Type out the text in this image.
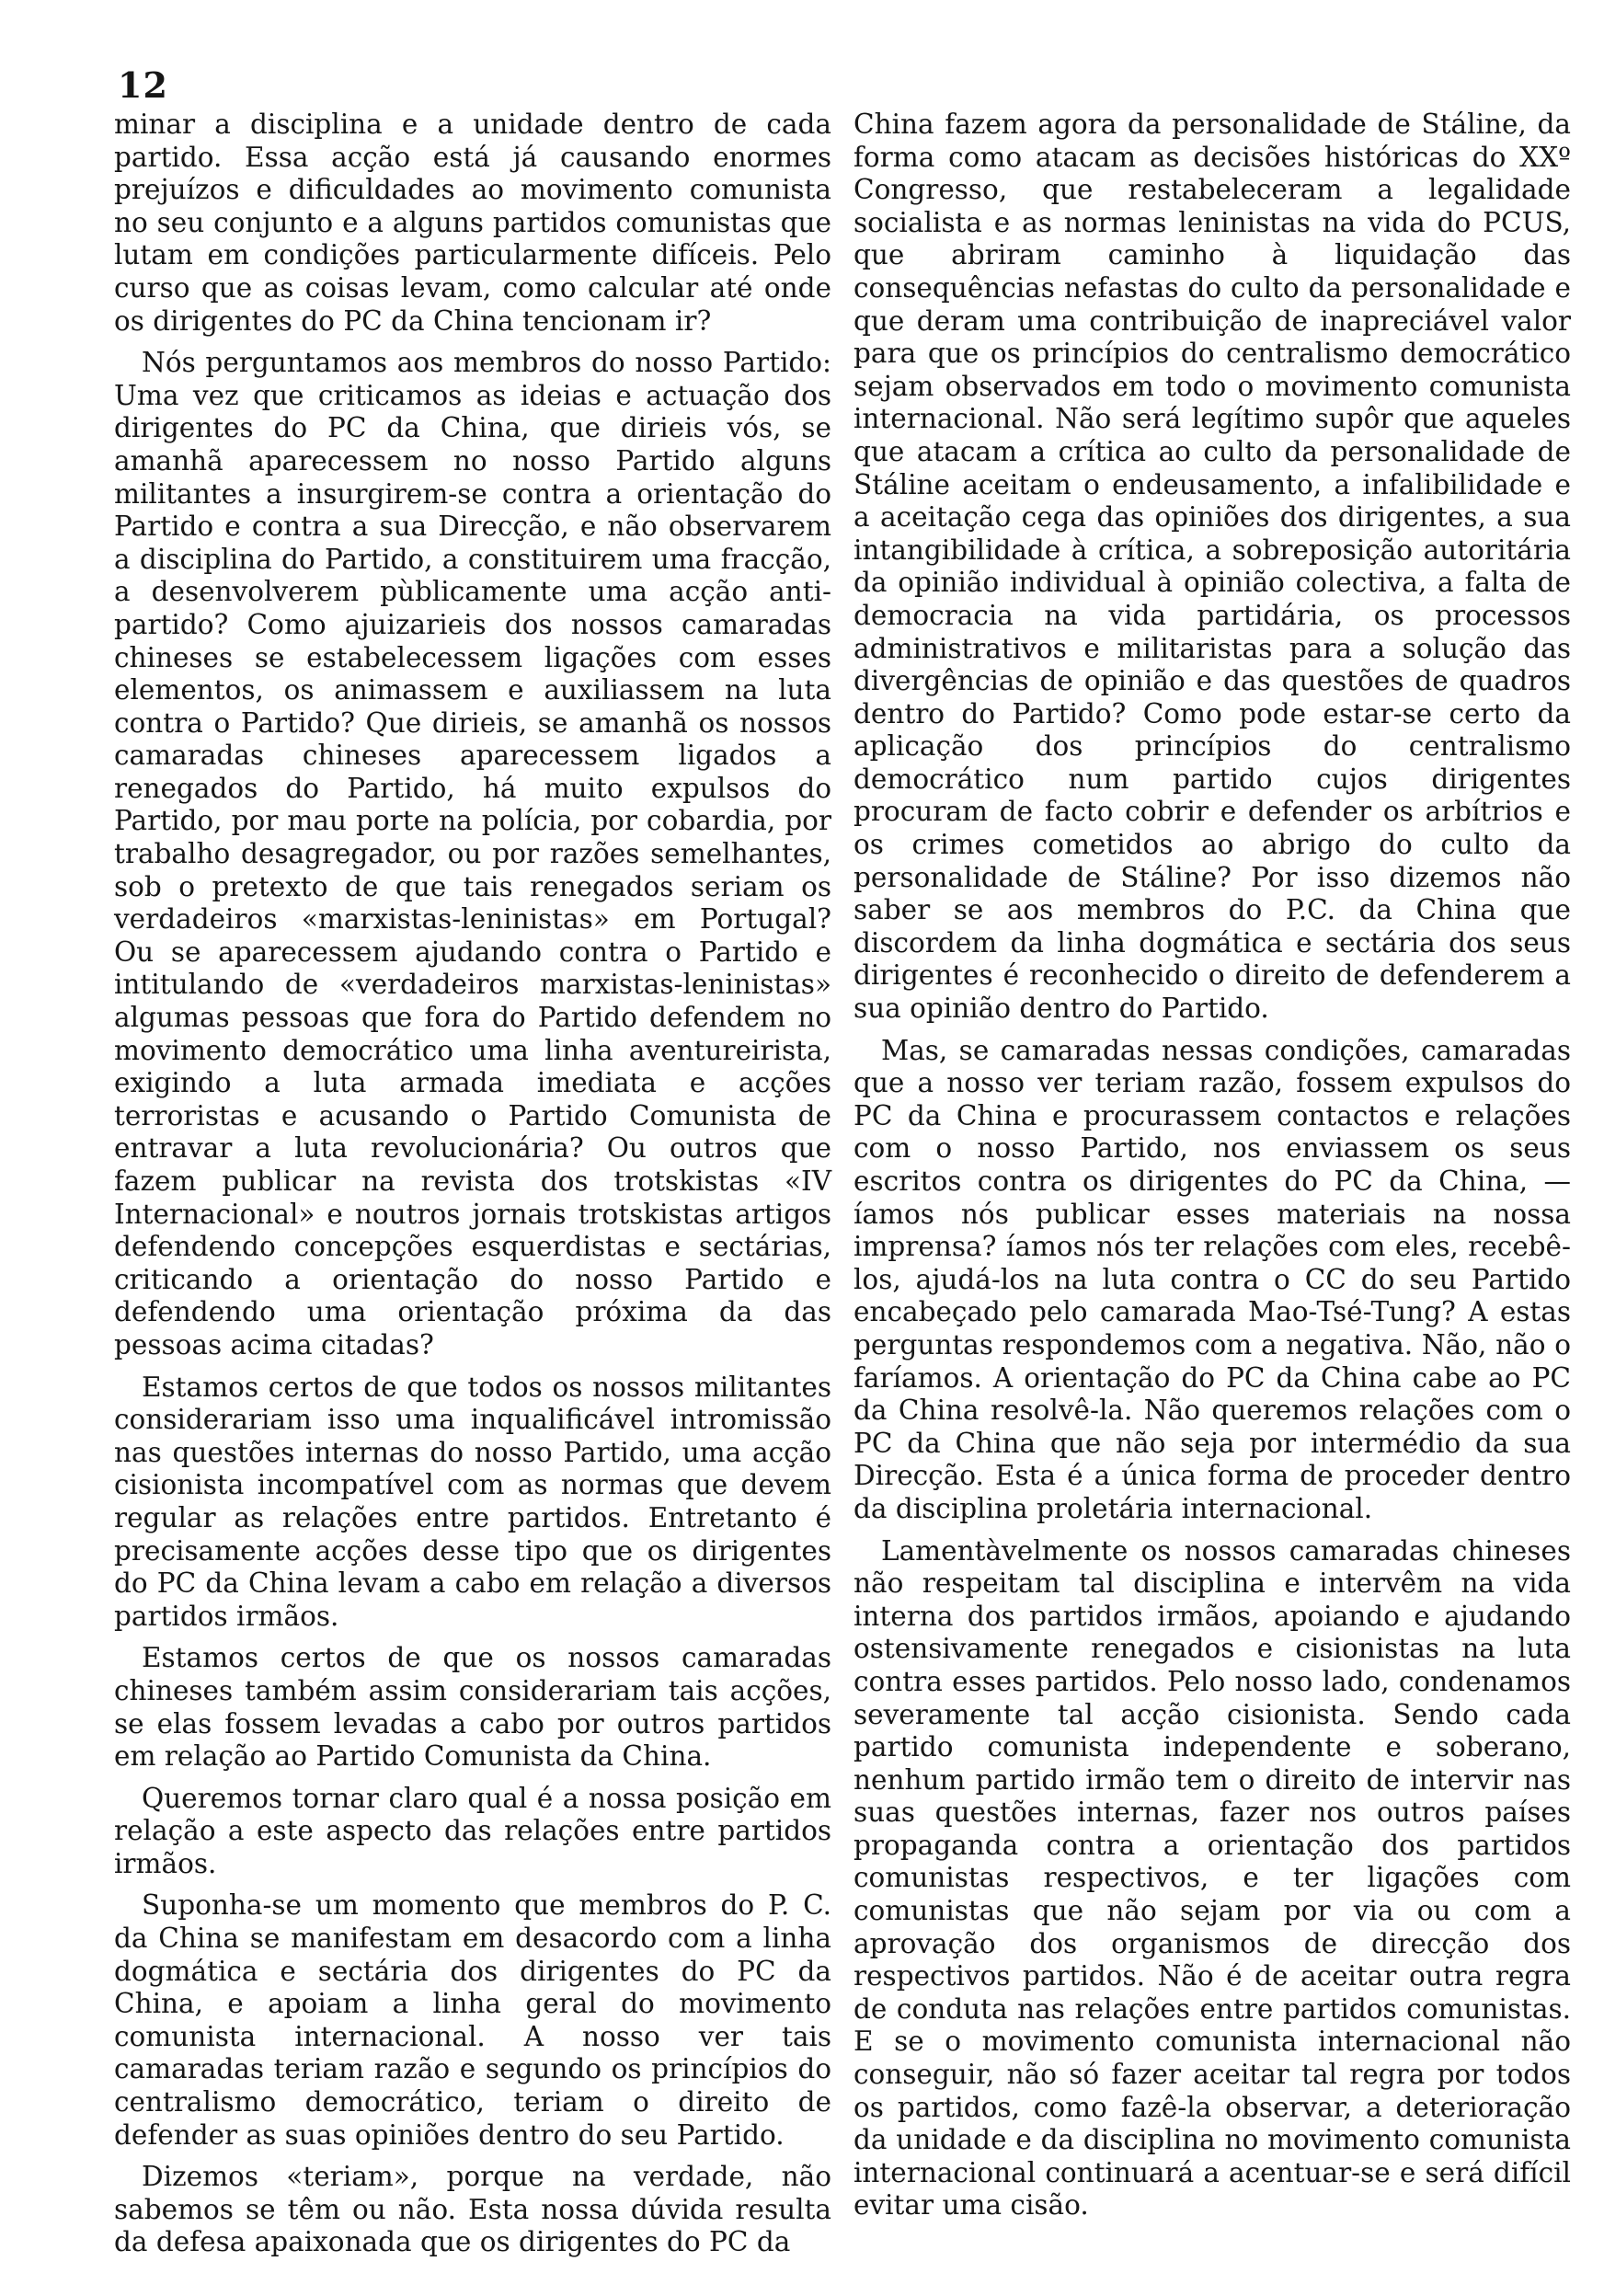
12

minar a disciplina e a unidade dentro de cada partido. Essa acção está já causando enormes prejuízos e dificuldades ao movimento comunista no seu conjunto e a alguns partidos comunistas que lutam em condições particularmente difíceis. Pelo curso que as coisas levam, como calcular até onde os dirigentes do PC da China tencionam ir?

Nós perguntamos aos membros do nosso Partido: Uma vez que criticamos as ideias e actuação dos dirigentes do PC da China, que dirieis vós, se amanhã aparecessem no nosso Partido alguns militantes a insurgirem-se contra a orientação do Partido e contra a sua Direcção, e não observarem a disciplina do Partido, a constituirem uma fracção, a desenvolverem pùblicamente uma acção anti-partido? Como ajuizarieis dos nossos camaradas chineses se estabelecessem ligações com esses elementos, os animassem e auxiliassem na luta contra o Partido? Que dirieis, se amanhã os nossos camaradas chineses aparecessem ligados a renegados do Partido, há muito expulsos do Partido, por mau porte na polícia, por cobardia, por trabalho desagregador, ou por razões semelhantes, sob o pretexto de que tais renegados seriam os verdadeiros «marxistas-leninistas» em Portugal? Ou se aparecessem ajudando contra o Partido e intitulando de «verdadeiros marxistas-leninistas» algumas pessoas que fora do Partido defendem no movimento democrático uma linha aventureirista, exigindo a luta armada imediata e acções terroristas e acusando o Partido Comunista de entravar a luta revolucionária? Ou outros que fazem publicar na revista dos trotskistas «IV Internacional» e noutros jornais trotskistas artigos defendendo concepções esquerdistas e sectárias, criticando a orientação do nosso Partido e defendendo uma orientação próxima da das pessoas acima citadas?

Estamos certos de que todos os nossos militantes considerariam isso uma inqualificável intromissão nas questões internas do nosso Partido, uma acção cisionista incompatível com as normas que devem regular as relações entre partidos. Entretanto é precisamente acções desse tipo que os dirigentes do PC da China levam a cabo em relação a diversos partidos irmãos.

Estamos certos de que os nossos camaradas chineses também assim considerariam tais acções, se elas fossem levadas a cabo por outros partidos em relação ao Partido Comunista da China.

Queremos tornar claro qual é a nossa posição em relação a este aspecto das relações entre partidos irmãos.

Suponha-se um momento que membros do P. C. da China se manifestam em desacordo com a linha dogmática e sectária dos dirigentes do PC da China, e apoiam a linha geral do movimento comunista internacional. A nosso ver tais camaradas teriam razão e segundo os princípios do centralismo democrático, teriam o direito de defender as suas opiniões dentro do seu Partido.

Dizemos «teriam», porque na verdade, não sabemos se têm ou não. Esta nossa dúvida resulta da defesa apaixonada que os dirigentes do PC da

China fazem agora da personalidade de Stáline, da forma como atacam as decisões históricas do XXº Congresso, que restabeleceram a legalidade socialista e as normas leninistas na vida do PCUS, que abriram caminho à liquidação das consequências nefastas do culto da personalidade e que deram uma contribuição de inapreciável valor para que os princípios do centralismo democrático sejam observados em todo o movimento comunista internacional. Não será legítimo supôr que aqueles que atacam a crítica ao culto da personalidade de Stáline aceitam o endeusamento, a infalibilidade e a aceitação cega das opiniões dos dirigentes, a sua intangibilidade à crítica, a sobreposição autoritária da opinião individual à opinião colectiva, a falta de democracia na vida partidária, os processos administrativos e militaristas para a solução das divergências de opinião e das questões de quadros dentro do Partido? Como pode estar-se certo da aplicação dos princípios do centralismo democrático num partido cujos dirigentes procuram de facto cobrir e defender os arbítrios e os crimes cometidos ao abrigo do culto da personalidade de Stáline? Por isso dizemos não saber se aos membros do P.C. da China que discordem da linha dogmática e sectária dos seus dirigentes é reconhecido o direito de defenderem a sua opinião dentro do Partido.

Mas, se camaradas nessas condições, camaradas que a nosso ver teriam razão, fossem expulsos do PC da China e procurassem contactos e relações com o nosso Partido, nos enviassem os seus escritos contra os dirigentes do PC da China, — íamos nós publicar esses materiais na nossa imprensa? íamos nós ter relações com eles, recebê-los, ajudá-los na luta contra o CC do seu Partido encabeçado pelo camarada Mao-Tsé-Tung? A estas perguntas respondemos com a negativa. Não, não o faríamos. A orientação do PC da China cabe ao PC da China resolvê-la. Não queremos relações com o PC da China que não seja por intermédio da sua Direcção. Esta é a única forma de proceder dentro da disciplina proletária internacional.

Lamentàvelmente os nossos camaradas chineses não respeitam tal disciplina e intervêm na vida interna dos partidos irmãos, apoiando e ajudando ostensivamente renegados e cisionistas na luta contra esses partidos. Pelo nosso lado, condenamos severamente tal acção cisionista. Sendo cada partido comunista independente e soberano, nenhum partido irmão tem o direito de intervir nas suas questões internas, fazer nos outros países propaganda contra a orientação dos partidos comunistas respectivos, e ter ligações com comunistas que não sejam por via ou com a aprovação dos organismos de direcção dos respectivos partidos. Não é de aceitar outra regra de conduta nas relações entre partidos comunistas. E se o movimento comunista internacional não conseguir, não só fazer aceitar tal regra por todos os partidos, como fazê-la observar, a deterioração da unidade e da disciplina no movimento comunista internacional continuará a acentuar-se e será difícil evitar uma cisão.
